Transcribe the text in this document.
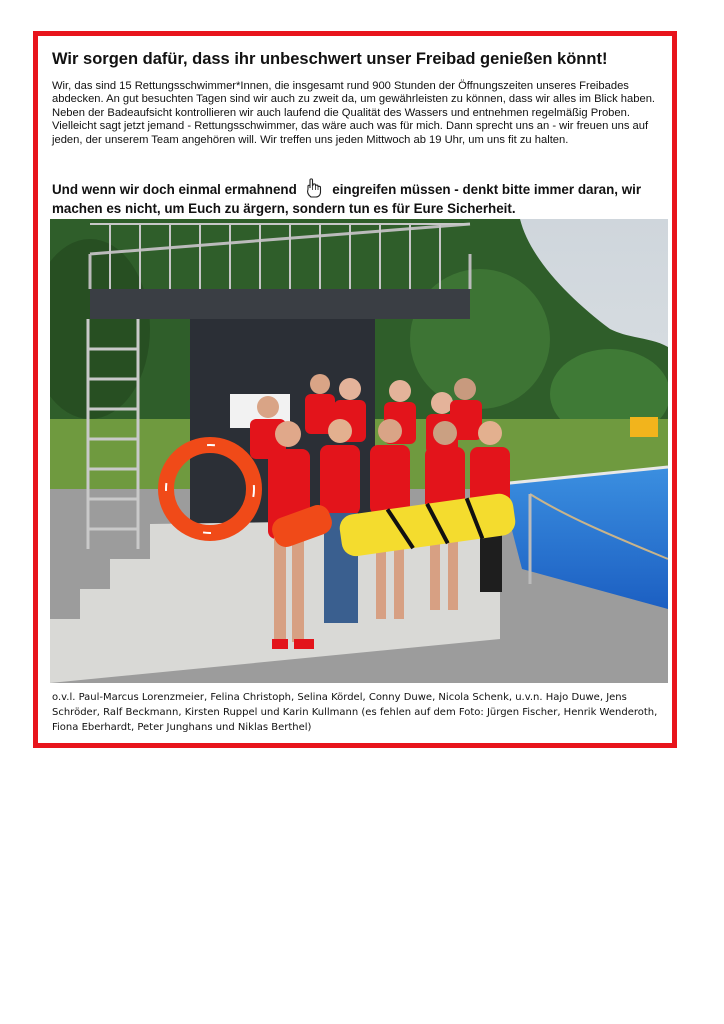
Wir sorgen dafür, dass ihr unbeschwert unser Freibad genießen könnt!

Wir, das sind 15 Rettungsschwimmer*Innen, die insgesamt rund 900 Stunden der Öffnungszeiten unseres Freibades abdecken. An gut besuchten Tagen sind wir auch zu zweit da, um gewährleisten zu können, dass wir alles im Blick haben. Neben der Badeaufsicht kontrollieren wir auch laufend die Qualität des Wassers und entnehmen regelmäßig Proben. Vielleicht sagt jetzt jemand - Rettungsschwimmer, das wäre auch was für mich. Dann sprecht uns an - wir freuen uns auf jeden, der unserem Team angehören will. Wir treffen uns jeden Mittwoch ab 19 Uhr, um uns fit zu halten.

Und wenn wir doch einmal ermahnend	eingreifen müssen - denkt bitte immer daran, wir machen es nicht, um Euch zu ärgern, sondern tun es für Eure Sicherheit.

o.v.l. Paul-Marcus Lorenzmeier, Felina Christoph, Selina Kördel, Conny Duwe, Nicola Schenk, u.v.n. Hajo Duwe, Jens Schröder, Ralf Beckmann, Kirsten Ruppel und Karin Kullmann (es fehlen auf dem Foto: Jürgen Fischer, Henrik Wenderoth, Fiona Eberhardt, Peter Junghans und Niklas Berthel)
